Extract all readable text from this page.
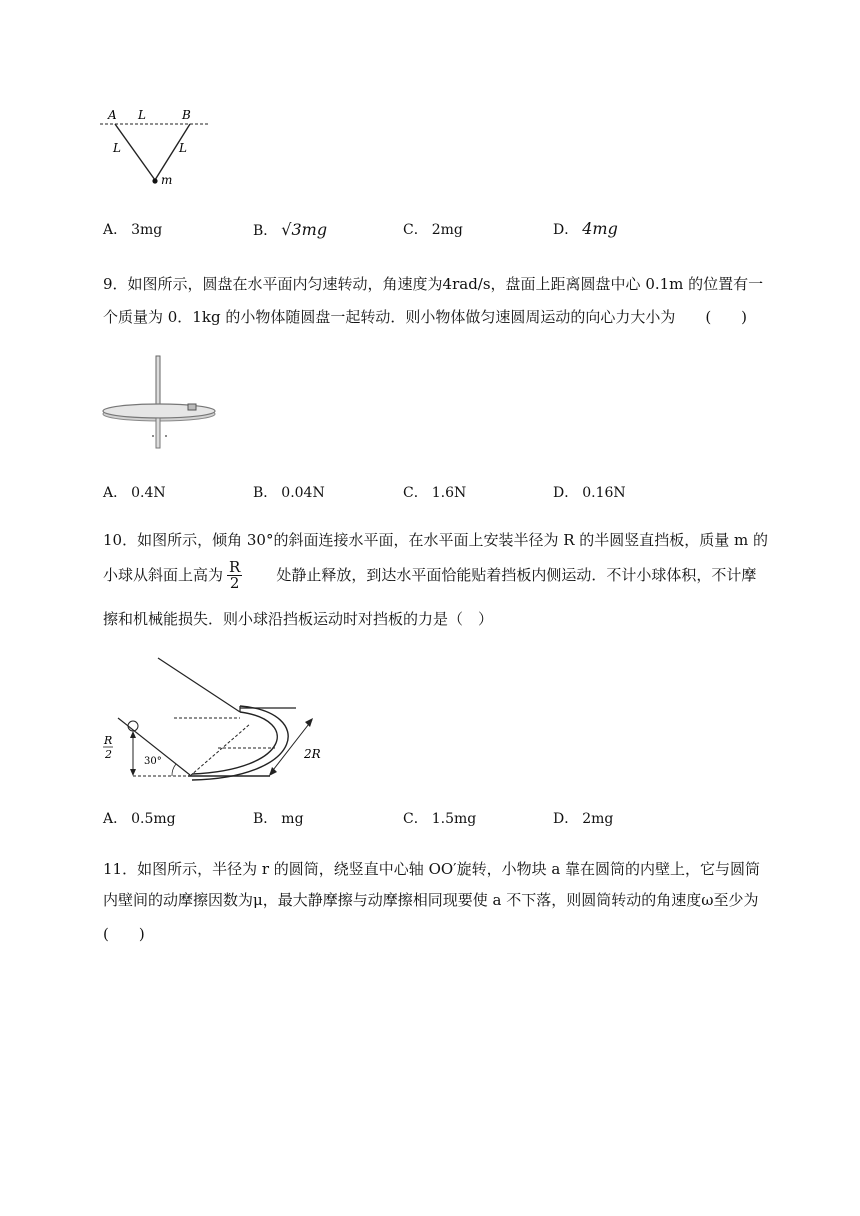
A L	B
L	L
m
A． 3mg	B． √3mg	C． 2mg	D． 4mg
9．如图所示，圆盘在水平面内匀速转动，角速度为4rad/s，盘面上距离圆盘中心 0.1m 的位置有一
个质量为 0．1kg 的小物体随圆盘一起转动．则小物体做匀速圆周运动的向心力大小为　　(　　)
A． 0.4N	B． 0.04N	C． 1.6N	D． 0.16N
10．如图所示，倾角 30°的斜面连接水平面，在水平面上安装半径为 R 的半圆竖直挡板，质量 m 的
小球从斜面上高为 $\frac{R}{2}$ 处静止释放，到达水平面恰能贴着挡板内侧运动．不计小球体积，不计摩
擦和机械能损失．则小球沿挡板运动时对挡板的力是（　）
R
2
30°
2R
A． 0.5mg	B． mg	C． 1.5mg	D． 2mg
11．如图所示，半径为 r 的圆筒，绕竖直中心轴 OO′旋转，小物块 a 靠在圆筒的内壁上，它与圆筒
内壁间的动摩擦因数为μ，最大静摩擦与动摩擦相同现要使 a 不下落，则圆筒转动的角速度ω至少为
(　　)
